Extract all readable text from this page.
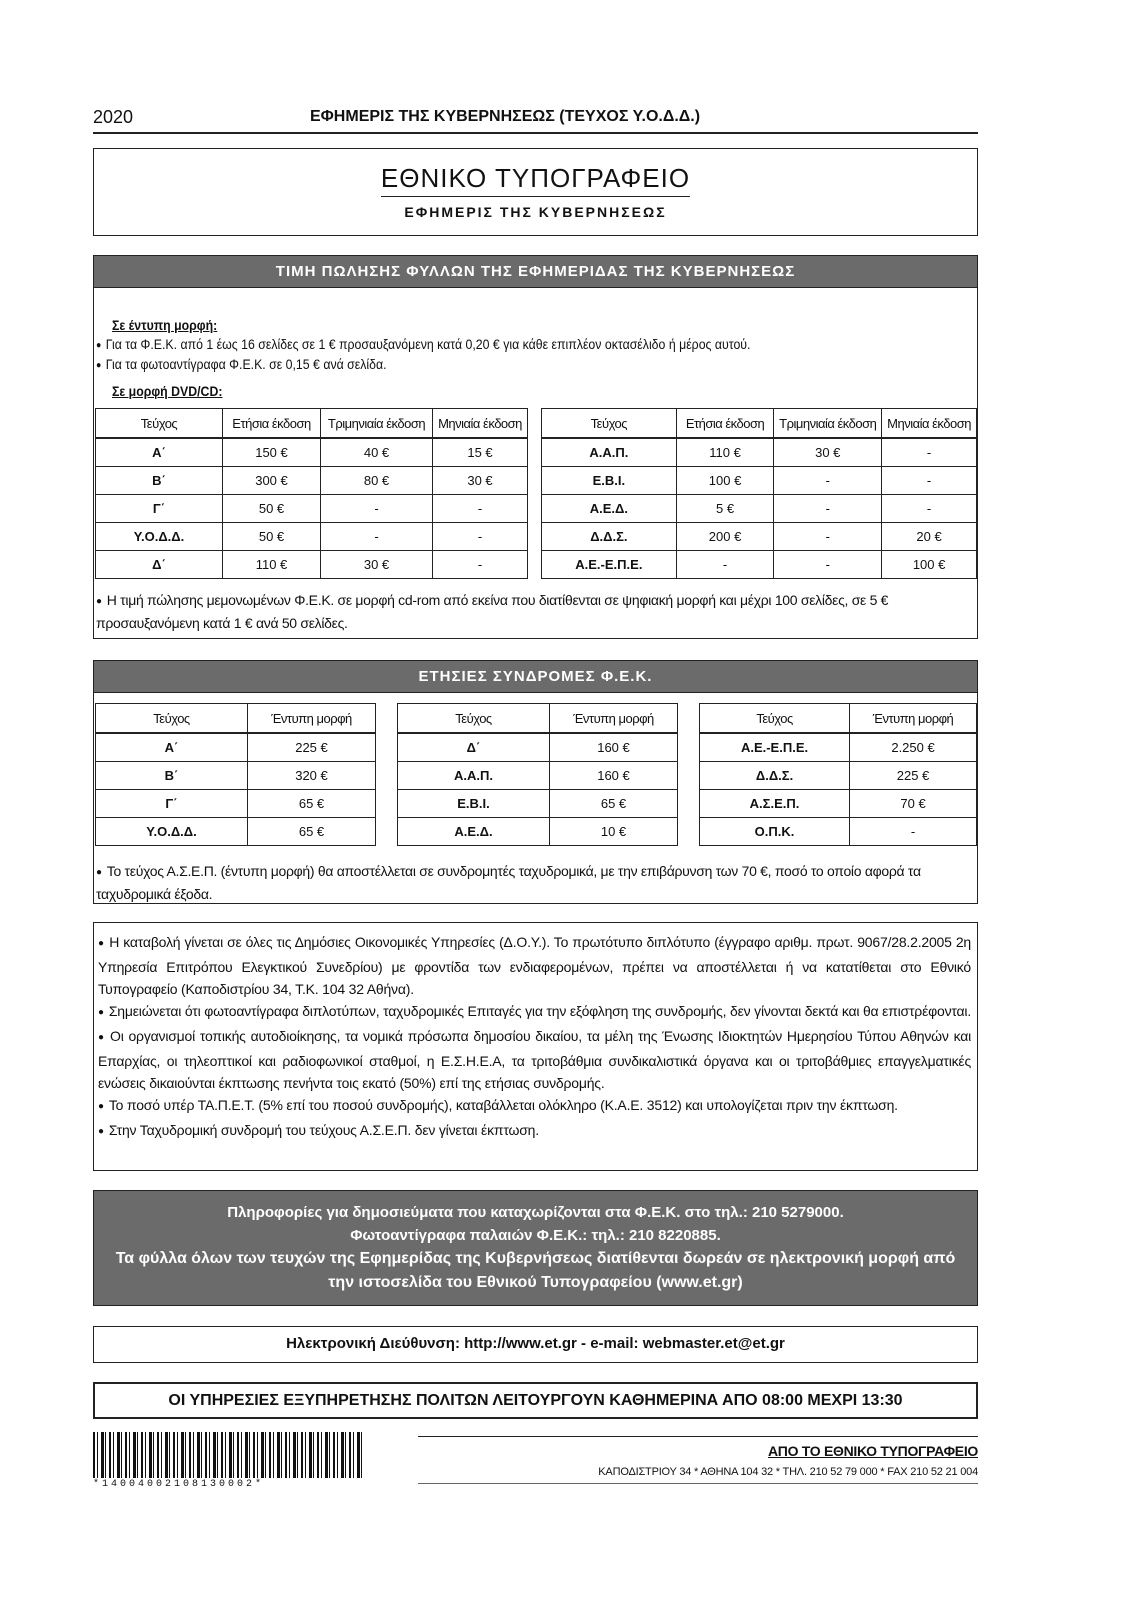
2020	ΕΦΗΜΕΡΙΣ ΤΗΣ ΚΥΒΕΡΝΗΣΕΩΣ (ΤΕΥΧΟΣ Υ.Ο.Δ.Δ.)
ΕΘΝΙΚΟ ΤΥΠΟΓΡΑΦΕΙΟ
ΕΦΗΜΕΡΙΣ ΤΗΣ ΚΥΒΕΡΝΗΣΕΩΣ
ΤΙΜΗ ΠΩΛΗΣΗΣ ΦΥΛΛΩΝ ΤΗΣ ΕΦΗΜΕΡΙΔΑΣ ΤΗΣ ΚΥΒΕΡΝΗΣΕΩΣ
Σε έντυπη μορφή:
● Για τα Φ.Ε.Κ. από 1 έως 16 σελίδες σε 1 € προσαυξανόμενη κατά 0,20 € για κάθε επιπλέον οκτασέλιδο ή μέρος αυτού.
● Για τα φωτοαντίγραφα Φ.Ε.Κ. σε 0,15 € ανά σελίδα.
Σε μορφή DVD/CD:
Τεύχος	Ετήσια έκδοση	Τριμηνιαία έκδοση	Μηνιαία έκδοση
Α΄	150 €	40 €	15 €
Β΄	300 €	80 €	30 €
Γ΄	50 €	-	-
Υ.Ο.Δ.Δ.	50 €	-	-
Δ΄	110 €	30 €	-
Τεύχος	Ετήσια έκδοση	Τριμηνιαία έκδοση	Μηνιαία έκδοση
Α.Α.Π.	110 €	30 €	-
Ε.Β.Ι.	100 €	-	-
Α.Ε.Δ.	5 €	-	-
Δ.Δ.Σ.	200 €	-	20 €
Α.Ε.-Ε.Π.Ε.	-	-	100 €
● Η τιμή πώλησης μεμονωμένων Φ.Ε.Κ. σε μορφή cd-rom από εκείνα που διατίθενται σε ψηφιακή μορφή και μέχρι 100 σελίδες, σε 5 € προσαυξανόμενη κατά 1 € ανά 50 σελίδες.
ΕΤΗΣΙΕΣ ΣΥΝΔΡΟΜΕΣ Φ.Ε.Κ.
Τεύχος	Έντυπη μορφή
Α΄	225 €
Β΄	320 €
Γ΄	65 €
Υ.Ο.Δ.Δ.	65 €
Τεύχος	Έντυπη μορφή
Δ΄	160 €
Α.Α.Π.	160 €
Ε.Β.Ι.	65 €
Α.Ε.Δ.	10 €
Τεύχος	Έντυπη μορφή
Α.Ε.-Ε.Π.Ε.	2.250 €
Δ.Δ.Σ.	225 €
Α.Σ.Ε.Π.	70 €
Ο.Π.Κ.	-
● Το τεύχος Α.Σ.Ε.Π. (έντυπη μορφή) θα αποστέλλεται σε συνδρομητές ταχυδρομικά, με την επιβάρυνση των 70 €, ποσό το οποίο αφορά τα ταχυδρομικά έξοδα.
● Η καταβολή γίνεται σε όλες τις Δημόσιες Οικονομικές Υπηρεσίες (Δ.Ο.Υ.). Το πρωτότυπο διπλότυπο (έγγραφο αριθμ. πρωτ. 9067/28.2.2005 2η Υπηρεσία Επιτρόπου Ελεγκτικού Συνεδρίου) με φροντίδα των ενδιαφερομένων, πρέπει να αποστέλλεται ή να κατατίθεται στο Εθνικό Τυπογραφείο (Καποδιστρίου 34, Τ.Κ. 104 32 Αθήνα).
● Σημειώνεται ότι φωτοαντίγραφα διπλοτύπων, ταχυδρομικές Επιταγές για την εξόφληση της συνδρομής, δεν γίνονται δεκτά και θα επιστρέφονται.
● Οι οργανισμοί τοπικής αυτοδιοίκησης, τα νομικά πρόσωπα δημοσίου δικαίου, τα μέλη της Ένωσης Ιδιοκτητών Ημερησίου Τύπου Αθηνών και Επαρχίας, οι τηλεοπτικοί και ραδιοφωνικοί σταθμοί, η Ε.Σ.Η.Ε.Α, τα τριτοβάθμια συνδικαλιστικά όργανα και οι τριτοβάθμιες επαγγελματικές ενώσεις δικαιούνται έκπτωσης πενήντα τοις εκατό (50%) επί της ετήσιας συνδρομής.
● Το ποσό υπέρ ΤΑ.Π.Ε.Τ. (5% επί του ποσού συνδρομής), καταβάλλεται ολόκληρο (Κ.Α.Ε. 3512) και υπολογίζεται πριν την έκπτωση.
● Στην Ταχυδρομική συνδρομή του τεύχους Α.Σ.Ε.Π. δεν γίνεται έκπτωση.
Πληροφορίες για δημοσιεύματα που καταχωρίζονται στα Φ.Ε.Κ. στο τηλ.: 210 5279000.
Φωτοαντίγραφα παλαιών Φ.Ε.Κ.: τηλ.: 210 8220885.
Τα φύλλα όλων των τευχών της Εφημερίδας της Κυβερνήσεως διατίθενται δωρεάν σε ηλεκτρονική μορφή από την ιστοσελίδα του Εθνικού Τυπογραφείου (www.et.gr)
Ηλεκτρονική Διεύθυνση: http://www.et.gr - e-mail: webmaster.et@et.gr
ΟΙ ΥΠΗΡΕΣΙΕΣ ΕΞΥΠΗΡΕΤΗΣΗΣ ΠΟΛΙΤΩΝ ΛΕΙΤΟΥΡΓΟΥΝ ΚΑΘΗΜΕΡΙΝΑ ΑΠΟ 08:00 ΜΕΧΡΙ 13:30
*14004002108130002*
ΑΠΟ ΤΟ ΕΘΝΙΚΟ ΤΥΠΟΓΡΑΦΕΙΟ
ΚΑΠΟΔΙΣΤΡΙΟΥ 34 * ΑΘΗΝΑ 104 32 * ΤΗΛ. 210 52 79 000 * FAX 210 52 21 004
